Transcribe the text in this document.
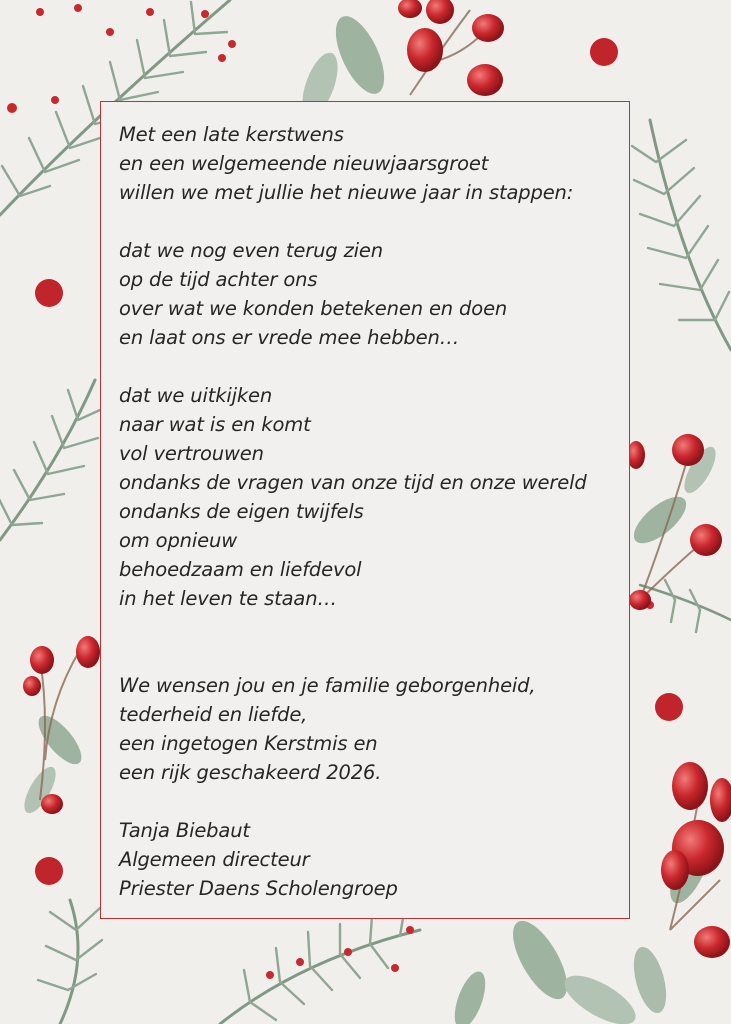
Met een late kerstwens
en een welgemeende nieuwjaarsgroet
willen we met jullie het nieuwe jaar in stappen:
dat we nog even terug zien
op de tijd achter ons
over wat we konden betekenen en doen
en laat ons er vrede mee hebben…
dat we uitkijken
naar wat is en komt
vol vertrouwen
ondanks de vragen van onze tijd en onze wereld
ondanks de eigen twijfels
om opnieuw
behoedzaam en liefdevol
in het leven te staan…
We wensen jou en je familie geborgenheid,
tederheid en liefde,
een ingetogen Kerstmis en
een rijk geschakeerd 2026.
Tanja Biebaut
Algemeen directeur
Priester Daens Scholengroep
